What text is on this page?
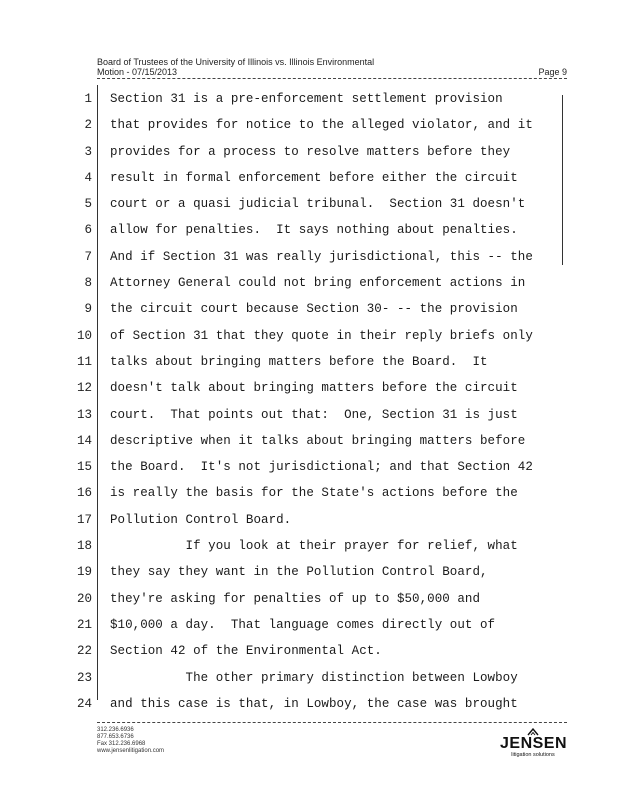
Board of Trustees of the University of Illinois vs. Illinois Environmental
Motion - 07/15/2013	Page 9
1 Section 31 is a pre-enforcement settlement provision
2 that provides for notice to the alleged violator, and it
3 provides for a process to resolve matters before they
4 result in formal enforcement before either the circuit
5 court or a quasi judicial tribunal.  Section 31 doesn't
6 allow for penalties.  It says nothing about penalties.
7 And if Section 31 was really jurisdictional, this -- the
8 Attorney General could not bring enforcement actions in
9 the circuit court because Section 30- -- the provision
10 of Section 31 that they quote in their reply briefs only
11 talks about bringing matters before the Board.  It
12 doesn't talk about bringing matters before the circuit
13 court.  That points out that:  One, Section 31 is just
14 descriptive when it talks about bringing matters before
15 the Board.  It's not jurisdictional; and that Section 42
16 is really the basis for the State's actions before the
17 Pollution Control Board.
18 If you look at their prayer for relief, what
19 they say they want in the Pollution Control Board,
20 they're asking for penalties of up to $50,000 and
21 $10,000 a day.  That language comes directly out of
22 Section 42 of the Environmental Act.
23 The other primary distinction between Lowboy
24 and this case is that, in Lowboy, the case was brought
312.236.6936
877.653.6736
Fax 312.236.6968
www.jensenlitigation.com	JENSEN
litigation solutions
